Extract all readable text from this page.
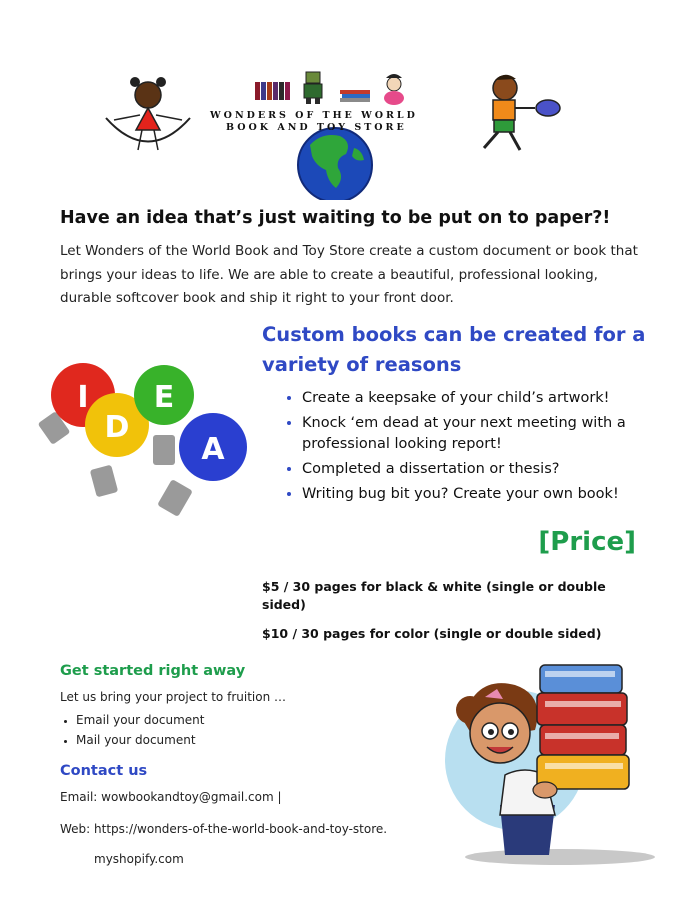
WONDERS OF THE WORLD
BOOK AND TOY STORE
Have an idea that’s just waiting to be put on to paper?!
Let Wonders of the World Book and Toy Store create a custom document or book that brings your ideas to life. We are able to create a beautiful, professional looking, durable softcover book and ship it right to your front door.
I
D
E
A
Custom books can be created for a variety of reasons
• Create a keepsake of your child’s artwork!
• Knock ‘em dead at your next meeting with a professional looking report!
• Completed a dissertation or thesis?
• Writing bug bit you? Create your own book!
[Price]
$5 / 30 pages for black & white (single or double sided)
$10 / 30 pages for color (single or double sided)
Get started right away
Let us bring your project to fruition …
• Email your document
• Mail your document
Contact us
Email: wowbookandtoy@gmail.com |
Web: https://wonders-of-the-world-book-and-toy-store.
myshopify.com
